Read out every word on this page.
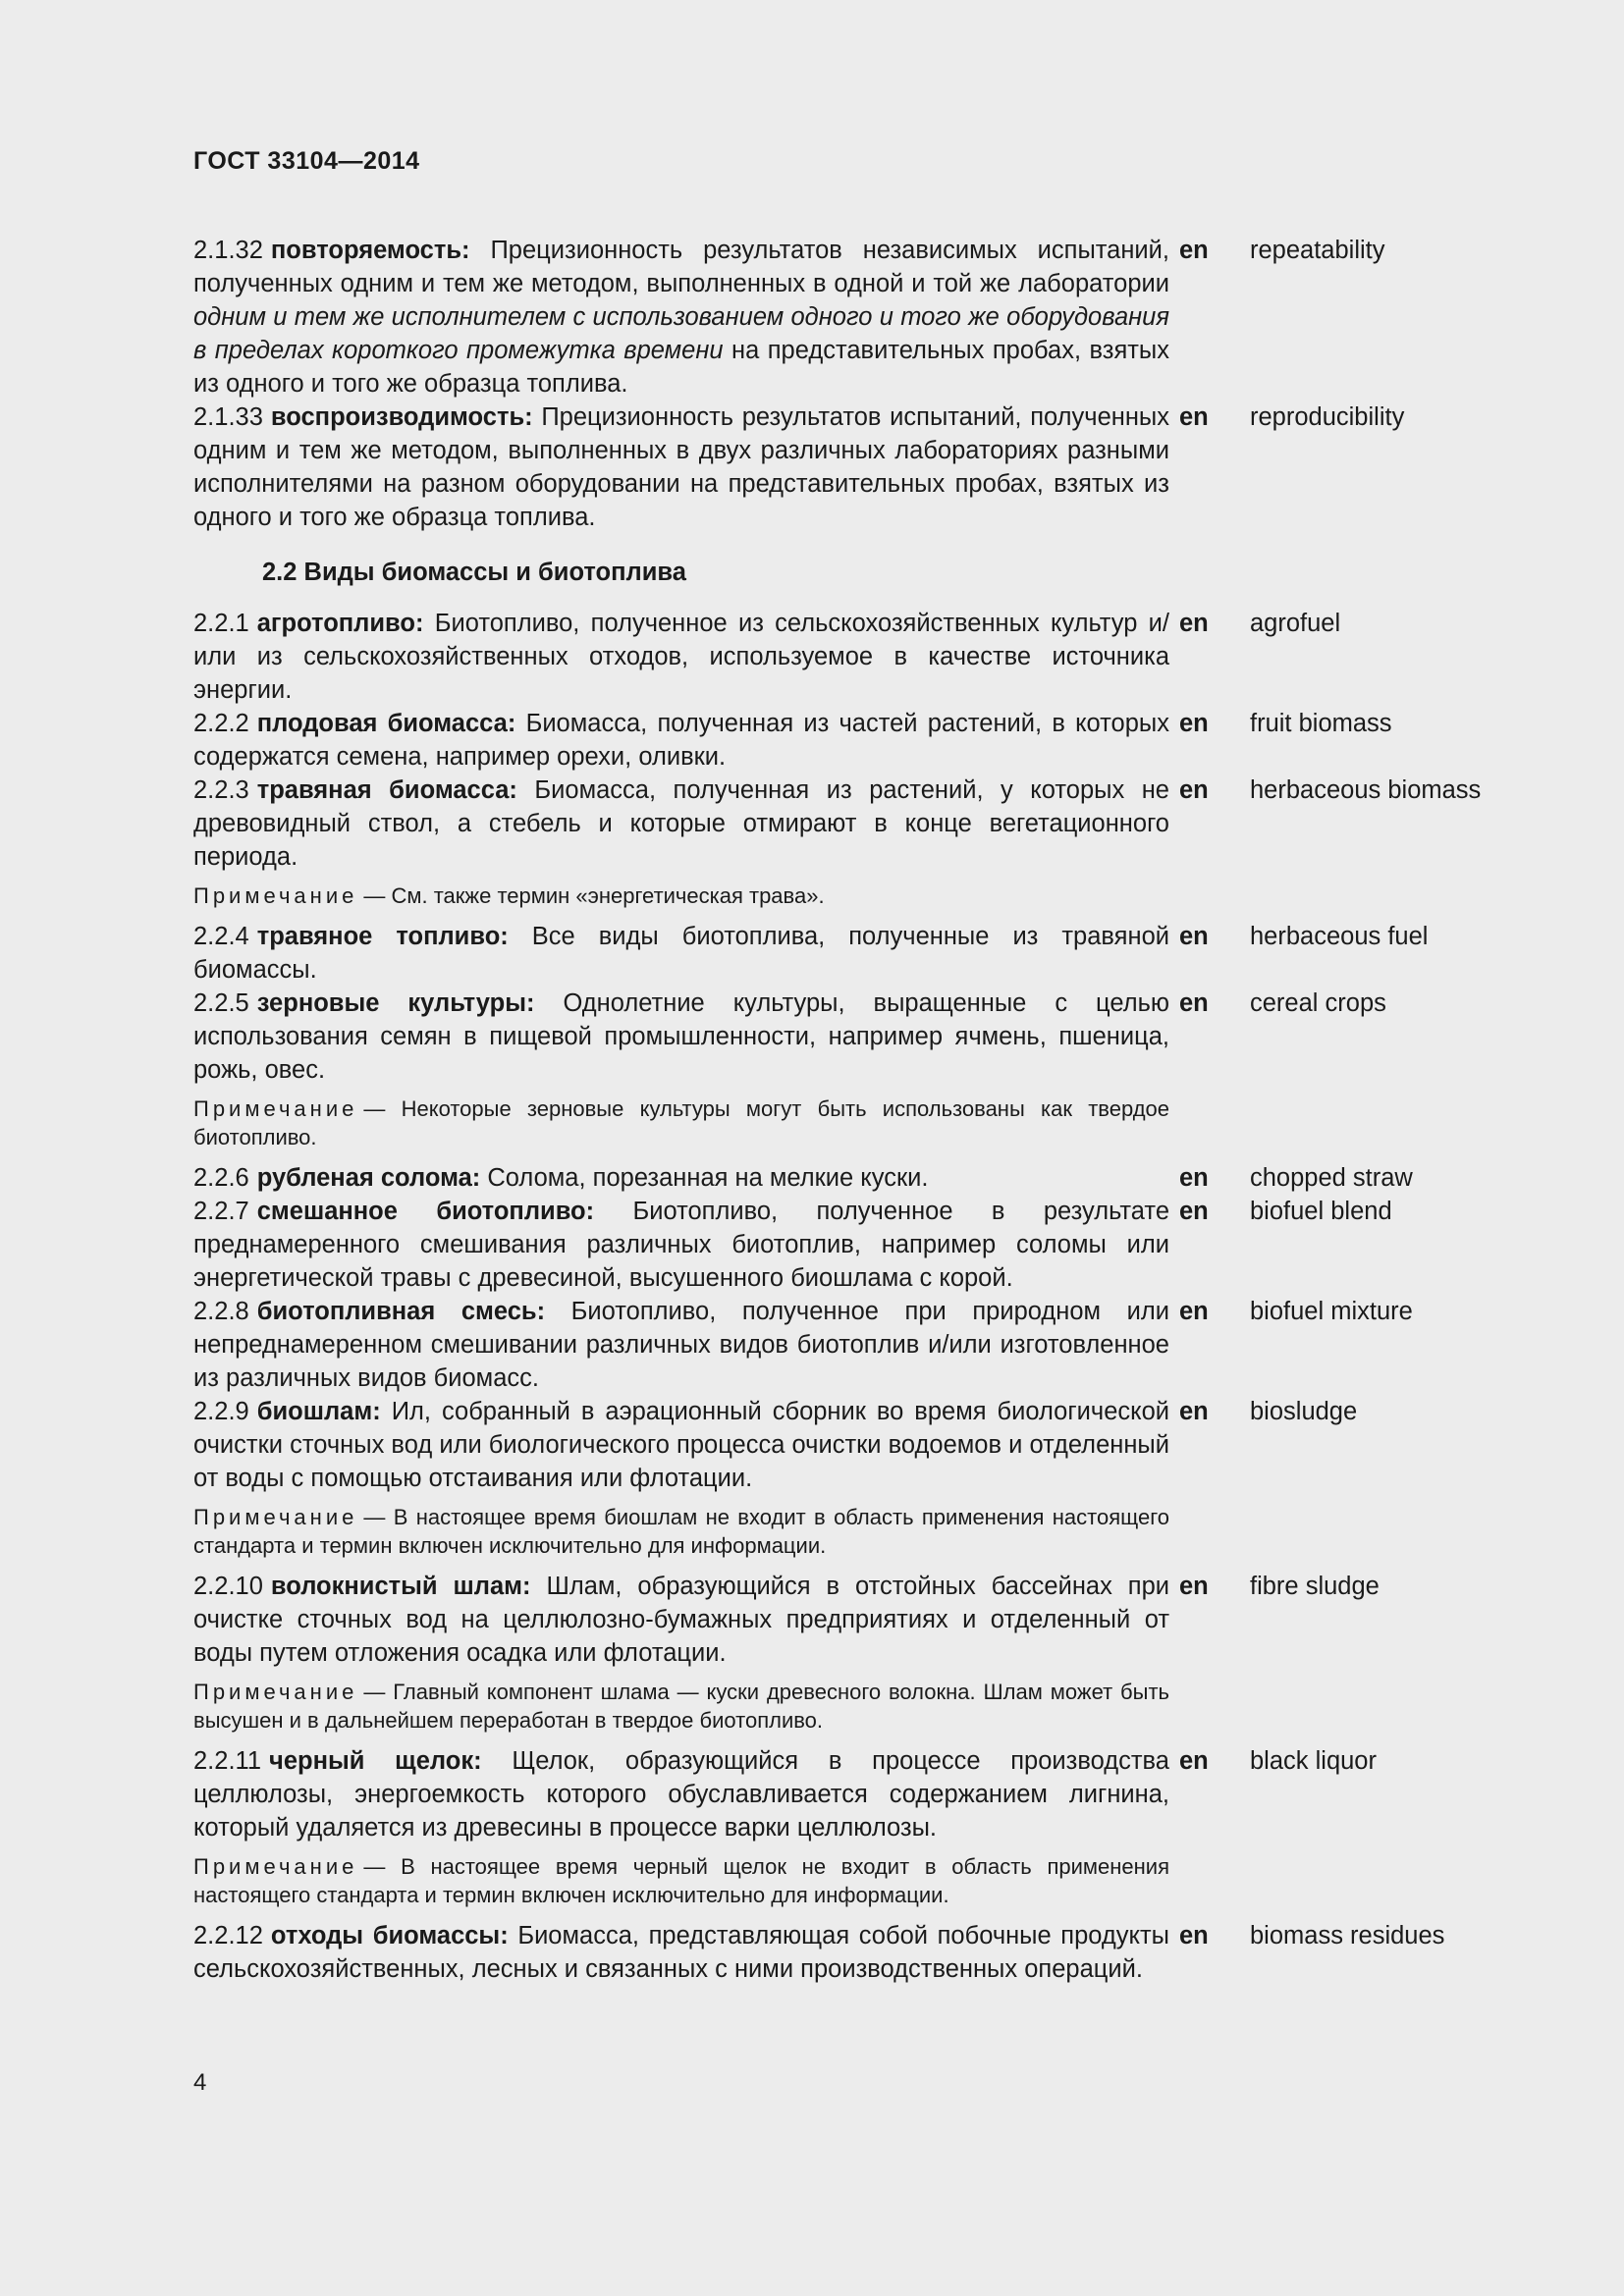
ГОСТ 33104—2014
2.1.32 повторяемость: Прецизионность результатов независимых испытаний, полученных одним и тем же методом, выполненных в одной и той же лаборатории одним и тем же исполнителем с использованием одного и того же оборудования в пределах короткого промежутка времени на представительных пробах, взятых из одного и того же образца топлива.
en	repeatability
2.1.33 воспроизводимость: Прецизионность результатов испытаний, полученных одним и тем же методом, выполненных в двух различных лабораториях разными исполнителями на разном оборудовании на представительных пробах, взятых из одного и того же образца топлива.
en	reproducibility
2.2 Виды биомассы и биотоплива
2.2.1 агротопливо: Биотопливо, полученное из сельскохозяйственных культур и/или из сельскохозяйственных отходов, используемое в качестве источника энергии.
en	agrofuel
2.2.2 плодовая биомасса: Биомасса, полученная из частей растений, в которых содержатся семена, например орехи, оливки.
en	fruit biomass
2.2.3 травяная биомасса: Биомасса, полученная из растений, у которых не древовидный ствол, а стебель и которые отмирают в конце вегетационного периода.
en	herbaceous biomass
Примечание — См. также термин «энергетическая трава».
2.2.4 травяное топливо: Все виды биотоплива, полученные из травяной биомассы.
en	herbaceous fuel
2.2.5 зерновые культуры: Однолетние культуры, выращенные с целью использования семян в пищевой промышленности, например ячмень, пшеница, рожь, овес.
en	cereal crops
Примечание — Некоторые зерновые культуры могут быть использованы как твердое биотопливо.
2.2.6 рубленая солома: Солома, порезанная на мелкие куски.	en	chopped straw
2.2.7 смешанное биотопливо: Биотопливо, полученное в результате преднамеренного смешивания различных биотоплив, например соломы или энергетической травы с древесиной, высушенного биошлама с корой.
en	biofuel blend
2.2.8 биотопливная смесь: Биотопливо, полученное при природном или непреднамеренном смешивании различных видов биотоплив и/или изготовленное из различных видов биомасс.
en	biofuel mixture
2.2.9 биошлам: Ил, собранный в аэрационный сборник во время биологической очистки сточных вод или биологического процесса очистки водоемов и отделенный от воды с помощью отстаивания или флотации.
en	biosludge
Примечание — В настоящее время биошлам не входит в область применения настоящего стандарта и термин включен исключительно для информации.
2.2.10 волокнистый шлам: Шлам, образующийся в отстойных бассейнах при очистке сточных вод на целлюлозно-бумажных предприятиях и отделенный от воды путем отложения осадка или флотации.
en	fibre sludge
Примечание — Главный компонент шлама — куски древесного волокна. Шлам может быть высушен и в дальнейшем переработан в твердое биотопливо.
2.2.11 черный щелок: Щелок, образующийся в процессе производства целлюлозы, энергоемкость которого обуславливается содержанием лигнина, который удаляется из древесины в процессе варки целлюлозы.
en	black liquor
Примечание — В настоящее время черный щелок не входит в область применения настоящего стандарта и термин включен исключительно для информации.
2.2.12 отходы биомассы: Биомасса, представляющая собой побочные продукты сельскохозяйственных, лесных и связанных с ними производственных операций.
en	biomass residues
4
